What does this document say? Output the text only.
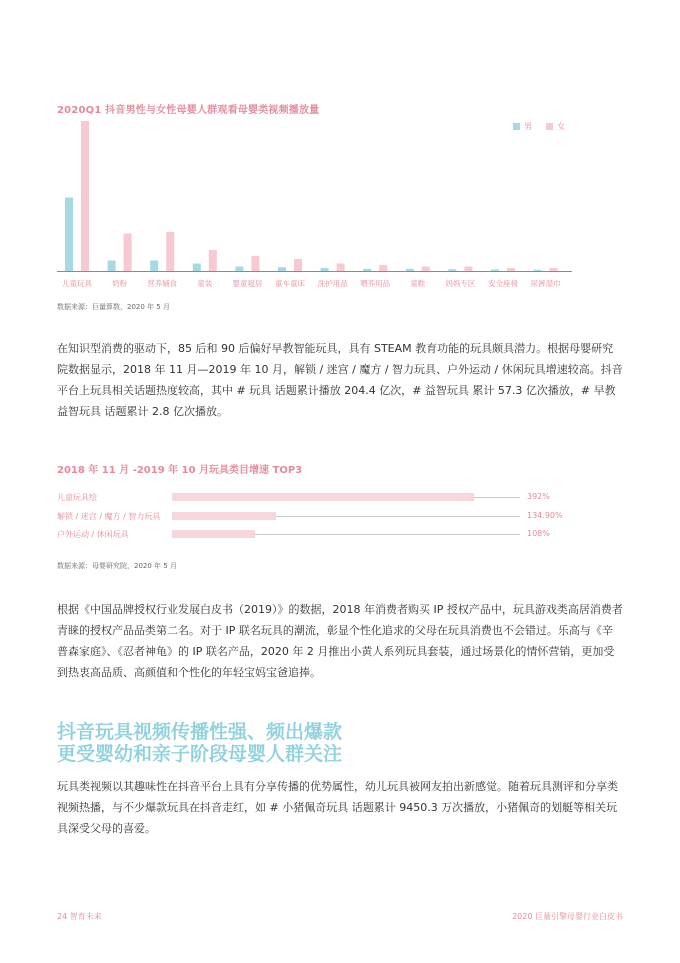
2020Q1 抖音男性与女性母婴人群观看母婴类视频播放量
男	女
儿童玩具	奶粉	营养辅食	童装	婴童寝居 童车童床 洗护用品 喂养用品	童鞋	妈妈专区 安全座椅 尿裤湿巾
数据来源：巨量算数，2020 年 5 月

在知识型消费的驱动下，85 后和 90 后偏好早教智能玩具，具有 STEAM 教育功能的玩具颇具潜力。根据母婴研究院数据显示，2018 年 11 月—2019 年 10 月，解锁 / 迷宫 / 魔方 / 智力玩具、户外运动 / 休闲玩具增速较高。抖音平台上玩具相关话题热度较高，其中 # 玩具 话题累计播放 204.4 亿次，# 益智玩具 累计 57.3 亿次播放，# 早教益智玩具 话题累计 2.8 亿次播放。

2018 年 11 月 -2019 年 10 月玩具类目增速 TOP3
儿童玩具绘	392%
解锁 / 迷宫 / 魔方 / 智力玩具	134.90%
户外运动 / 休闲玩具	108%
数据来源：母婴研究院，2020 年 5 月

根据《中国品牌授权行业发展白皮书（2019）》的数据，2018 年消费者购买 IP 授权产品中，玩具游戏类高居消费者青睐的授权产品品类第二名。对于 IP 联名玩具的潮流，彰显个性化追求的父母在玩具消费也不会错过。乐高与《辛普森家庭》、《忍者神龟》的 IP 联名产品，2020 年 2 月推出小黄人系列玩具套装，通过场景化的情怀营销，更加受到热衷高品质、高颜值和个性化的年轻宝妈宝爸追捧。

抖音玩具视频传播性强、频出爆款
更受婴幼和亲子阶段母婴人群关注

玩具类视频以其趣味性在抖音平台上具有分享传播的优势属性，幼儿玩具被网友拍出新感觉。随着玩具测评和分享类视频热播，与不少爆款玩具在抖音走红，如 # 小猪佩奇玩具 话题累计 9450.3 万次播放，小猪佩奇的划艇等相关玩具深受父母的喜爱。

24 智育未来	2020 巨量引擎母婴行业白皮书
